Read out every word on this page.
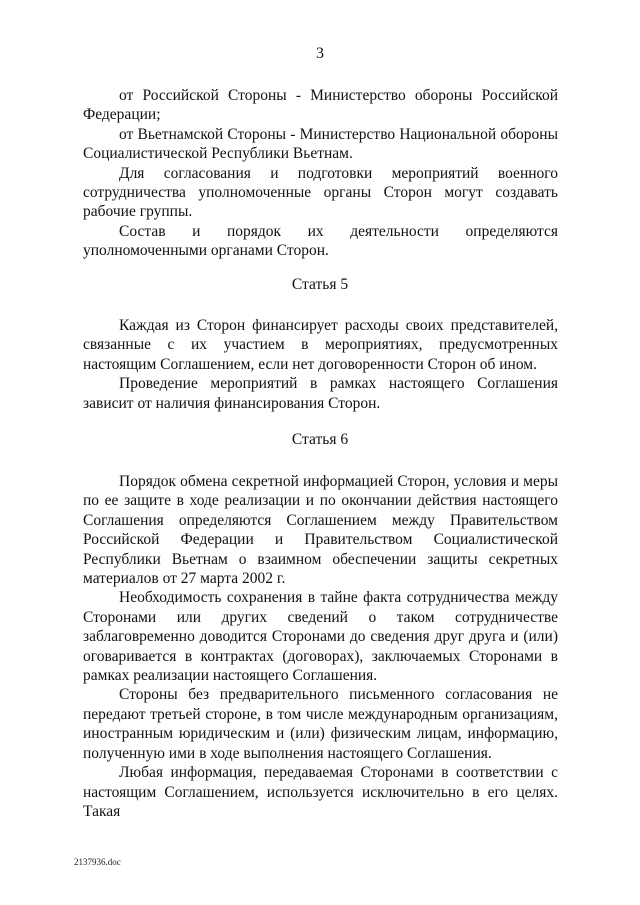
3

от Российской Стороны - Министерство обороны Российской Федерации;

от Вьетнамской Стороны - Министерство Национальной обороны Социалистической Республики Вьетнам.

Для согласования и подготовки мероприятий военного сотрудничества уполномоченные органы Сторон могут создавать рабочие группы.

Состав и порядок их деятельности определяются уполномоченными органами Сторон.

Статья 5

Каждая из Сторон финансирует расходы своих представителей, связанные с их участием в мероприятиях, предусмотренных настоящим Соглашением, если нет договоренности Сторон об ином.

Проведение мероприятий в рамках настоящего Соглашения зависит от наличия финансирования Сторон.

Статья 6

Порядок обмена секретной информацией Сторон, условия и меры по ее защите в ходе реализации и по окончании действия настоящего Соглашения определяются Соглашением между Правительством Российской Федерации и Правительством Социалистической Республики Вьетнам о взаимном обеспечении защиты секретных материалов от 27 марта 2002 г.

Необходимость сохранения в тайне факта сотрудничества между Сторонами или других сведений о таком сотрудничестве заблаговременно доводится Сторонами до сведения друг друга и (или) оговаривается в контрактах (договорах), заключаемых Сторонами в рамках реализации настоящего Соглашения.

Стороны без предварительного письменного согласования не передают третьей стороне, в том числе международным организациям, иностранным юридическим и (или) физическим лицам, информацию, полученную ими в ходе выполнения настоящего Соглашения.

Любая информация, передаваемая Сторонами в соответствии с настоящим Соглашением, используется исключительно в его целях. Такая

2137936.doc
